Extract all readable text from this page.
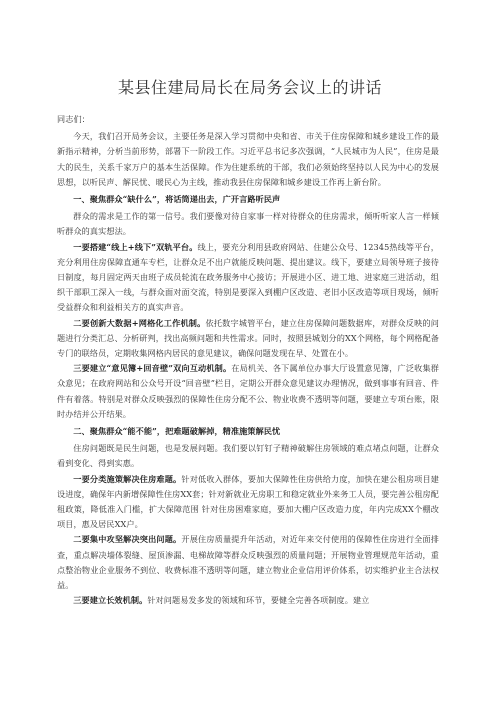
某县住建局局长在局务会议上的讲话

同志们：

今天，我们召开局务会议，主要任务是深入学习贯彻中央和省、市关于住房保障和城乡建设工作的最新指示精神，分析当前形势，部署下一阶段工作。习近平总书记多次强调，“人民城市为人民”，住房是最大的民生，关系千家万户的基本生活保障。作为住建系统的干部，我们必须始终坚持以人民为中心的发展思想，以听民声、解民忧、暖民心为主线，推动我县住房保障和城乡建设工作再上新台阶。

一、聚焦群众“缺什么”，将话筒递出去，广开言路听民声

群众的需求是工作的第一信号。我们要像对待自家事一样对待群众的住房需求，倾听听家人言一样倾听群众的真实想法。

一要搭建“线上+线下”双轨平台。线上，要充分利用县政府网站、住建公众号、12345热线等平台，充分利用住房保障直通车专栏，让群众足不出户就能反映问题、提出建议。线下，要建立局领导班子接待日制度，每月固定两天由班子成员轮流在政务服务中心接访；开展进小区、进工地、进家庭三进活动，组织干部职工深入一线，与群众面对面交流，特别是要深入到棚户区改造、老旧小区改造等项目现场，倾听受益群众和利益相关方的真实声音。

二要创新大数据+网格化工作机制。依托数字城管平台，建立住房保障问题数据库，对群众反映的问题进行分类汇总、分析研判，找出高频问题和共性需求。同时，按照县城划分的XX个网格，每个网格配备专门的联络员，定期收集网格内居民的意见建议，确保问题发现在早、处置在小。

三要建立“意见簿+回音壁”双向互动机制。在局机关、各下属单位办事大厅设置意见簿，广泛收集群众意见；在政府网站和公众号开设“回音壁”栏目，定期公开群众意见建议办理情况，做到事事有回音、件件有着落。特别是对群众反映强烈的保障性住房分配不公、物业收费不透明等问题，要建立专项台账，限时办结并公开结果。

二、聚焦群众“能不能”，把难题破解掉，精准施策解民忧

住房问题既是民生问题，也是发展问题。我们要以钉钉子精神破解住房领域的难点堵点问题，让群众看到变化、得到实惠。

一要分类施策解决住房难题。针对低收入群体，要加大保障性住房供给力度，加快在建公租房项目建设进度，确保年内新增保障性住房XX套；针对新就业无房职工和稳定就业外来务工人员，要完善公租房配租政策，降低准入门槛，扩大保障范围 针对住房困难家庭，要加大棚户区改造力度，年内完成XX个棚改项目，惠及居民XX户。

二要集中攻坚解决突出问题。开展住房质量提升年活动，对近年来交付使用的保障性住房进行全面排查，重点解决墙体裂缝、屋顶渗漏、电梯故障等群众反映强烈的质量问题；开展物业管理规范年活动，重点整治物业企业服务不到位、收费标准不透明等问题，建立物业企业信用评价体系，切实维护业主合法权益。

三要建立长效机制。针对问题易发多发的领域和环节，要健全完善各项制度。建立
